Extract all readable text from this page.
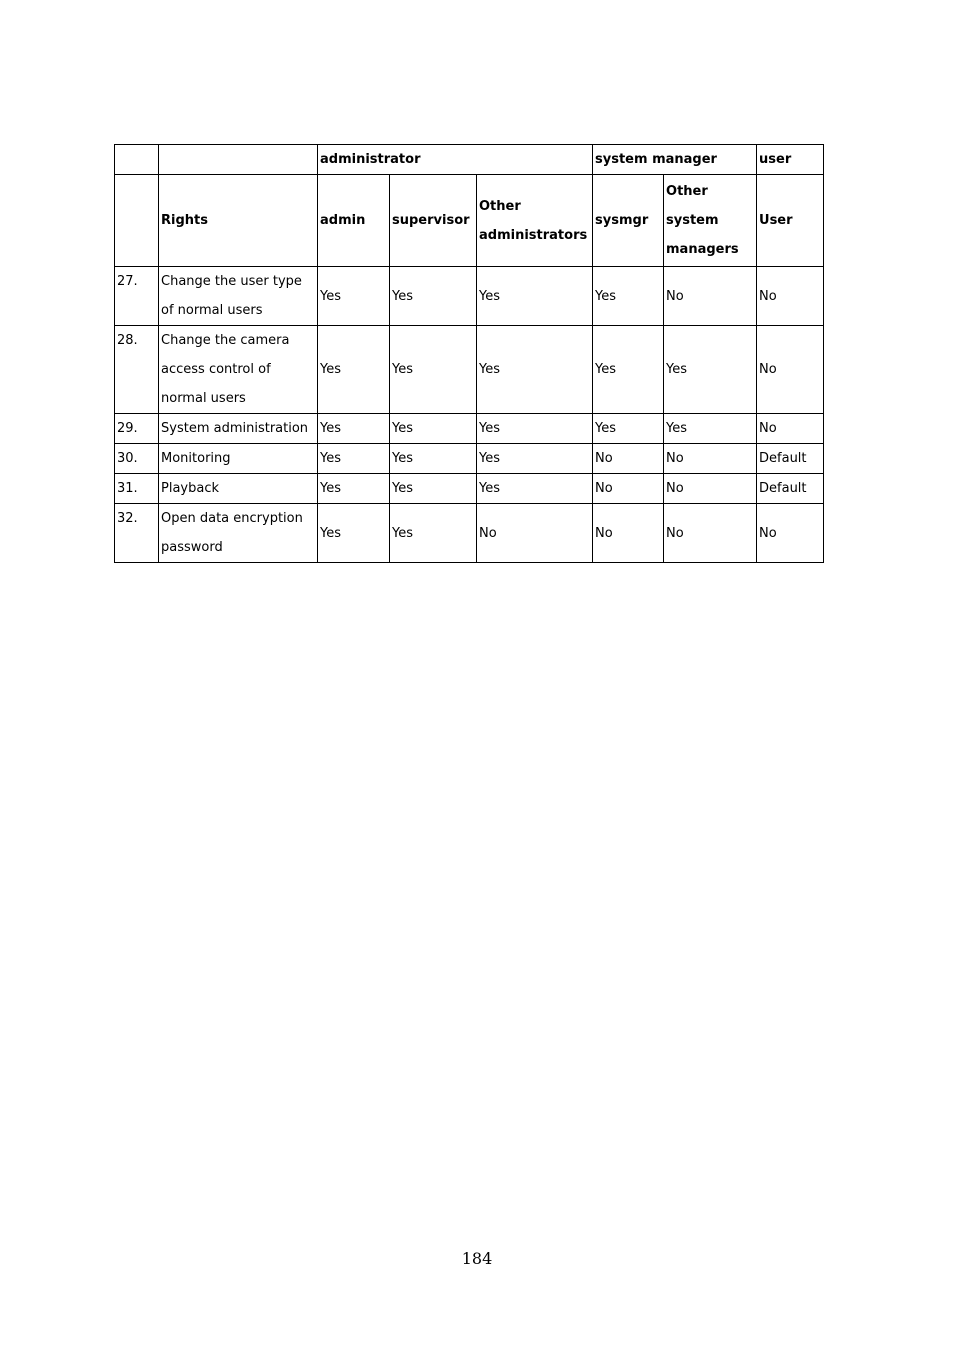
		administrator			system manager		user
	Rights	admin	supervisor	Other administrators	sysmgr	Other system managers	User
27.	Change the user type of normal users	Yes	Yes	Yes	Yes	No	No
28.	Change the camera access control of normal users	Yes	Yes	Yes	Yes	Yes	No
29.	System administration	Yes	Yes	Yes	Yes	Yes	No
30.	Monitoring	Yes	Yes	Yes	No	No	Default
31.	Playback	Yes	Yes	Yes	No	No	Default
32.	Open data encryption password	Yes	Yes	No	No	No	No
184
